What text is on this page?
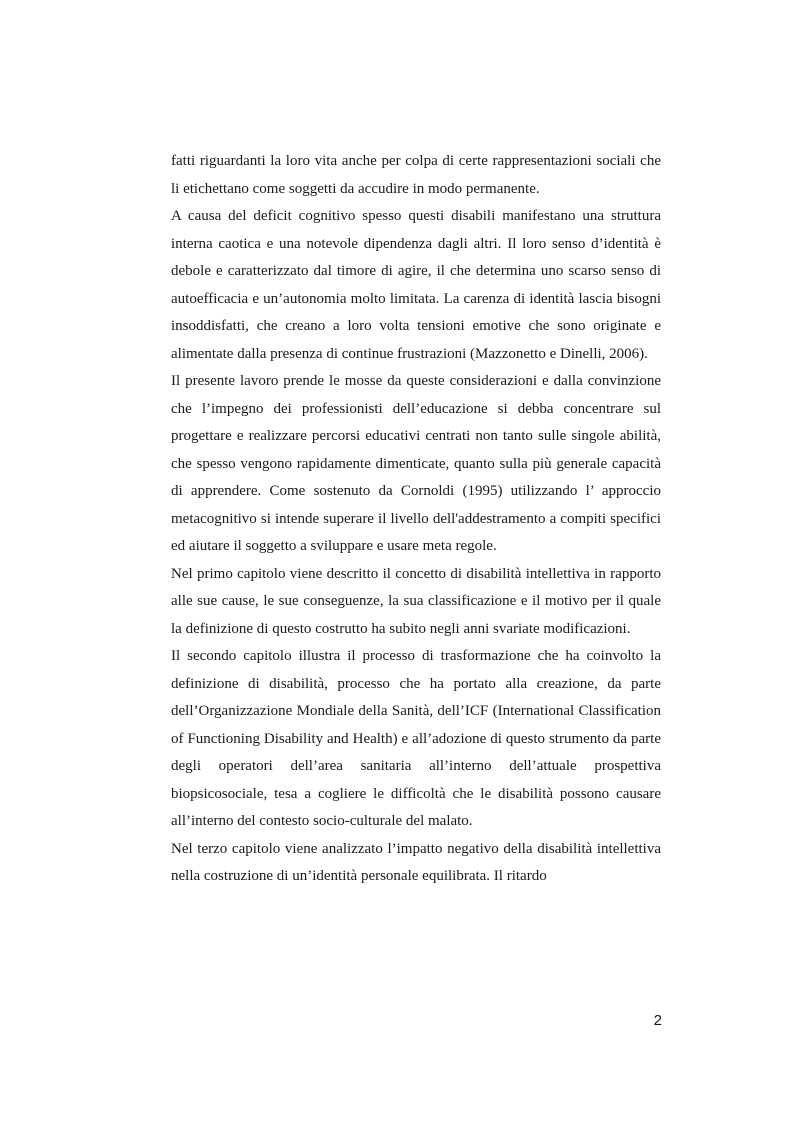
fatti riguardanti la loro vita anche per colpa di certe rappresentazioni sociali che li etichettano come soggetti da accudire in modo permanente.

A causa del deficit cognitivo spesso questi disabili manifestano una struttura interna caotica e una notevole dipendenza dagli altri. Il loro senso d’identità è debole e caratterizzato dal timore di agire, il che determina uno scarso senso di autoefficacia e un’autonomia molto limitata. La carenza di identità lascia bisogni insoddisfatti, che creano a loro volta tensioni emotive che sono originate e alimentate dalla presenza di continue frustrazioni (Mazzonetto e Dinelli, 2006).

Il presente lavoro prende le mosse da queste considerazioni e dalla convinzione che l’impegno dei professionisti dell’educazione si debba concentrare sul progettare e realizzare percorsi educativi centrati non tanto sulle singole abilità, che spesso vengono rapidamente dimenticate, quanto sulla più generale capacità di apprendere. Come sostenuto da Cornoldi (1995) utilizzando l’ approccio metacognitivo si intende superare il livello dell'addestramento a compiti specifici ed aiutare il soggetto a sviluppare e usare meta regole.

Nel primo capitolo viene descritto il concetto di disabilità intellettiva in rapporto alle sue cause, le sue conseguenze, la sua classificazione e il motivo per il quale la definizione di questo costrutto ha subito negli anni svariate modificazioni.

Il secondo capitolo illustra il processo di trasformazione che ha coinvolto la definizione di disabilità, processo che ha portato alla creazione, da parte dell’Organizzazione Mondiale della Sanità, dell’ICF (International Classification of Functioning Disability and Health) e all’adozione di questo strumento da parte degli operatori dell’area sanitaria all’interno dell’attuale prospettiva biopsicosociale, tesa a cogliere le difficoltà che le disabilità possono causare all’interno del contesto socio-culturale del malato.

Nel terzo capitolo viene analizzato l’impatto negativo della disabilità intellettiva nella costruzione di un’identità personale equilibrata. Il ritardo

2
